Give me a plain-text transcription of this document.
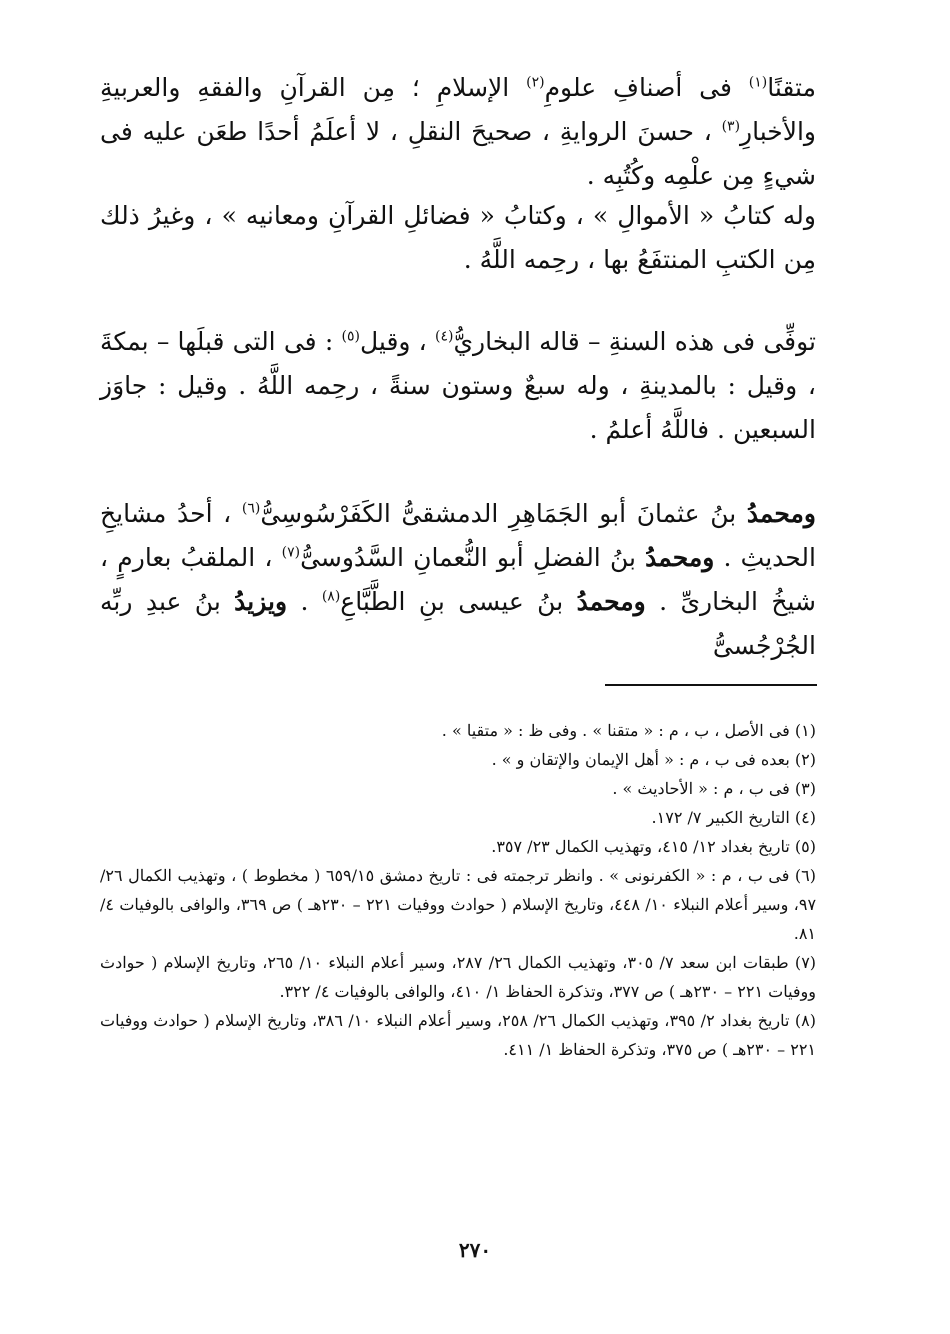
متقنًا$^{(١)}$ فى أصنافِ علومِ$^{(٢)}$ الإسلامِ ؛ مِن القرآنِ والفقهِ والعربيةِ والأخبارِ$^{(٣)}$ ، حسنَ الروايةِ ، صحيحَ النقلِ ، لا أعلَمُ أحدًا طعَن عليه فى شيءٍ مِن علْمِه وكُتُبِه .

وله كتابُ « الأموالِ » ، وكتابُ « فضائلِ القرآنِ ومعانيه » ، وغيرُ ذلك مِن الكتبِ المنتفَعُ بها ، رحِمه اللَّهُ .

توفِّى فى هذه السنةِ – قاله البخاريُّ$^{(٤)}$ ، وقيل$^{(٥)}$ : فى التى قبلَها – بمكةَ ، وقيل : بالمدينةِ ، وله سبعٌ وستون سنةً ، رحِمه اللَّهُ . وقيل : جاوَز السبعين . فاللَّهُ أعلمُ .

ومحمدُ بنُ عثمانَ أبو الجَمَاهِرِ الدمشقىُّ الكَفَرْسُوسِىُّ$^{(٦)}$ ، أحدُ مشايخِ الحديثِ . ومحمدُ بنُ الفضلِ أبو النُّعمانِ السَّدُوسىُّ$^{(٧)}$ ، الملقبُ بعارمٍ ، شيخُ البخارىِّ . ومحمدُ بنُ عيسى بنِ الطَّبَّاعِ$^{(٨)}$ . ويزيدُ بنُ عبدِ ربِّه الجُرْجُسىُّ

(١) فى الأصل ، ب ، م : « متقنا » . وفى ظ : « متقيا » .

(٢) بعده فى ب ، م : « أهل الإيمان والإتقان و » .

(٣) فى ب ، م : « الأحاديث » .

(٤) التاريخ الكبير ٧/ ١٧٢.

(٥) تاريخ بغداد ١٢/ ٤١٥، وتهذيب الكمال ٢٣/ ٣٥٧.

(٦) فى ب ، م : « الكفرنونى » . وانظر ترجمته فى : تاريخ دمشق ٦٥٩/١٥ ( مخطوط ) ، وتهذيب الكمال ٢٦/ ٩٧، وسير أعلام النبلاء ١٠/ ٤٤٨، وتاريخ الإسلام ( حوادث ووفيات ٢٢١ – ٢٣٠هـ ) ص ٣٦٩، والوافى بالوفيات ٤/ ٨١.

(٧) طبقات ابن سعد ٧/ ٣٠٥، وتهذيب الكمال ٢٦/ ٢٨٧، وسير أعلام النبلاء ١٠/ ٢٦٥، وتاريخ الإسلام ( حوادث ووفيات ٢٢١ – ٢٣٠هـ ) ص ٣٧٧، وتذكرة الحفاظ ١/ ٤١٠، والوافى بالوفيات ٤/ ٣٢٢.

(٨) تاريخ بغداد ٢/ ٣٩٥، وتهذيب الكمال ٢٦/ ٢٥٨، وسير أعلام النبلاء ١٠/ ٣٨٦، وتاريخ الإسلام ( حوادث ووفيات ٢٢١ – ٢٣٠هـ ) ص ٣٧٥، وتذكرة الحفاظ ١/ ٤١١.

٢٧٠
